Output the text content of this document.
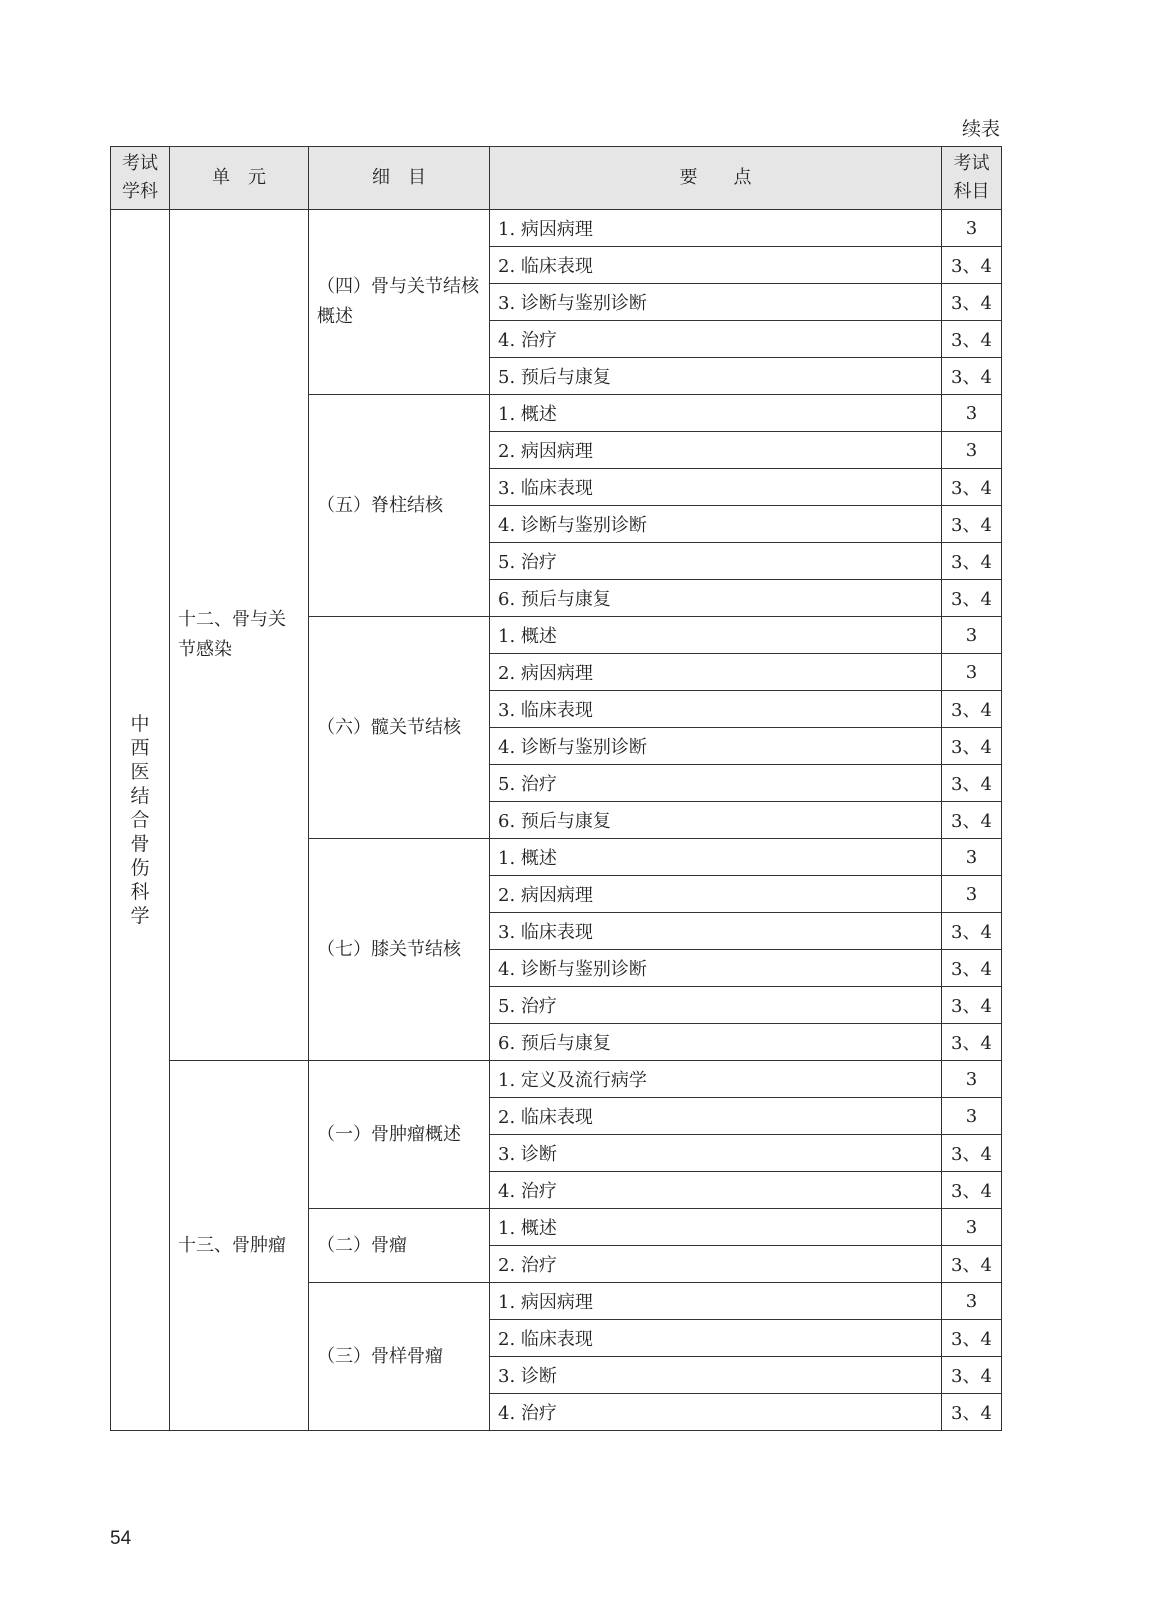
续表
考试学科	单　元	细　目	要　　点	考试科目
中西医结合骨伤科学	十二、骨与关节感染	（四）骨与关节结核概述	1. 病因病理	3
			2. 临床表现	3、4
			3. 诊断与鉴别诊断	3、4
			4. 治疗	3、4
			5. 预后与康复	3、4
		（五）脊柱结核	1. 概述	3
			2. 病因病理	3
			3. 临床表现	3、4
			4. 诊断与鉴别诊断	3、4
			5. 治疗	3、4
			6. 预后与康复	3、4
		（六）髋关节结核	1. 概述	3
			2. 病因病理	3
			3. 临床表现	3、4
			4. 诊断与鉴别诊断	3、4
			5. 治疗	3、4
			6. 预后与康复	3、4
		（七）膝关节结核	1. 概述	3
			2. 病因病理	3
			3. 临床表现	3、4
			4. 诊断与鉴别诊断	3、4
			5. 治疗	3、4
			6. 预后与康复	3、4
	十三、骨肿瘤	（一）骨肿瘤概述	1. 定义及流行病学	3
			2. 临床表现	3
			3. 诊断	3、4
			4. 治疗	3、4
		（二）骨瘤	1. 概述	3
			2. 治疗	3、4
		（三）骨样骨瘤	1. 病因病理	3
			2. 临床表现	3、4
			3. 诊断	3、4
			4. 治疗	3、4
54
